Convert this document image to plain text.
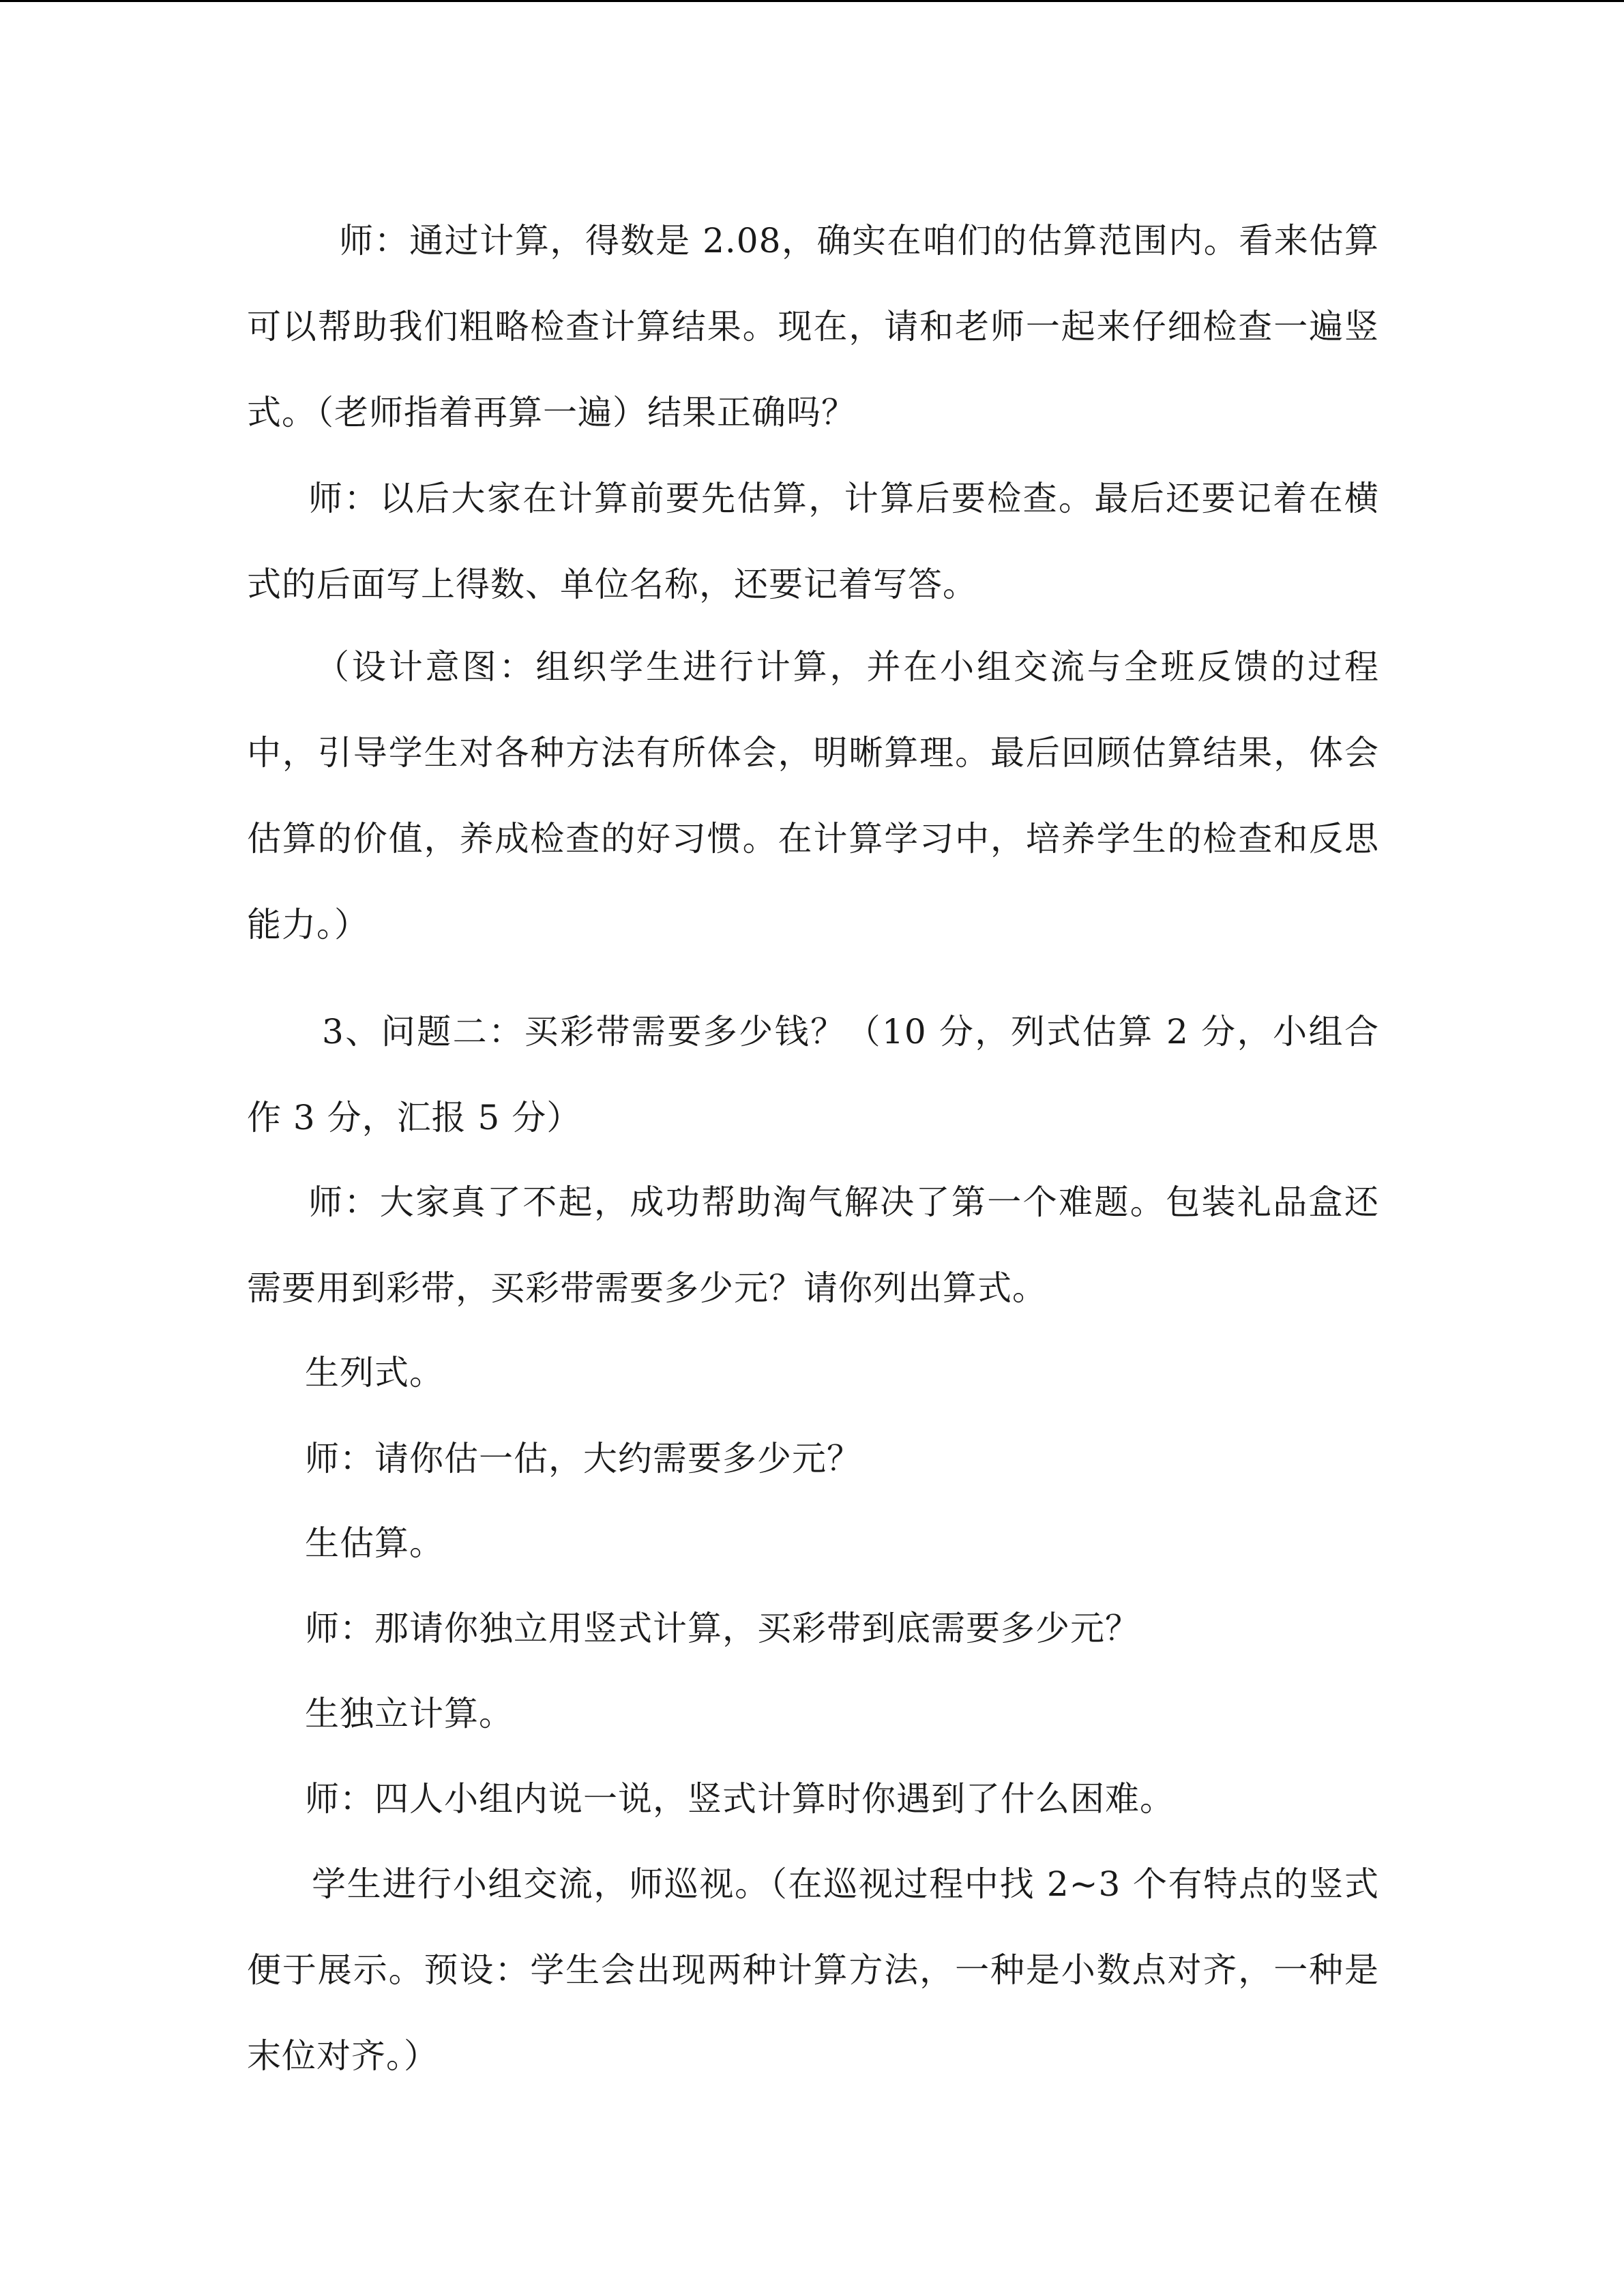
师：通过计算，得数是 2.08，确实在咱们的估算范围内。看来估算可以帮助我们粗略检查计算结果。现在，请和老师一起来仔细检查一遍竖式。（老师指着再算一遍）结果正确吗？

师：以后大家在计算前要先估算，计算后要检查。最后还要记着在横式的后面写上得数、单位名称，还要记着写答。

（设计意图：组织学生进行计算，并在小组交流与全班反馈的过程中，引导学生对各种方法有所体会，明晰算理。最后回顾估算结果，体会估算的价值，养成检查的好习惯。在计算学习中，培养学生的检查和反思能力。）

3、问题二：买彩带需要多少钱？（10 分，列式估算 2 分，小组合作 3 分，汇报 5 分）

师：大家真了不起，成功帮助淘气解决了第一个难题。包装礼品盒还需要用到彩带，买彩带需要多少元？请你列出算式。

生列式。

师：请你估一估，大约需要多少元？

生估算。

师：那请你独立用竖式计算，买彩带到底需要多少元？

生独立计算。

师：四人小组内说一说，竖式计算时你遇到了什么困难。

学生进行小组交流，师巡视。（在巡视过程中找 2~3 个有特点的竖式便于展示。预设：学生会出现两种计算方法，一种是小数点对齐，一种是末位对齐。）
